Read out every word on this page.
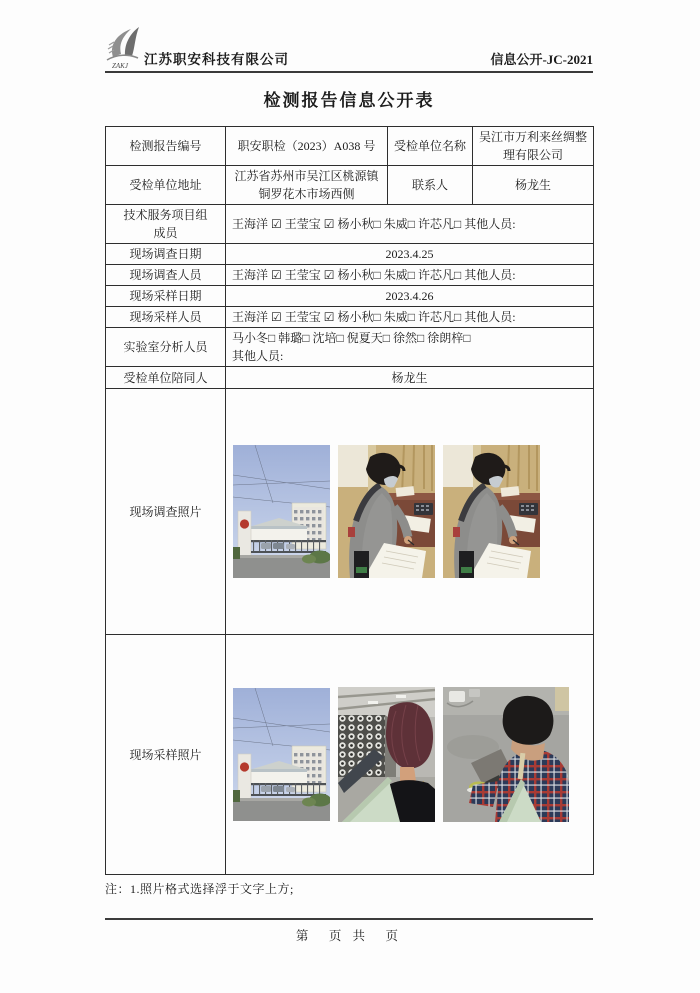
ZAKJ 江苏职安科技有限公司	信息公开-JC-2021
检测报告信息公开表
检测报告编号	职安职检（2023）A038 号	受检单位名称	吴江市万利来丝绸整理有限公司
受检单位地址	江苏省苏州市吴江区桃源镇铜罗花木市场西侧	联系人	杨龙生
技术服务项目组成员	王海洋 ☑ 王莹宝 ☑ 杨小秋□ 朱威□ 许芯凡□ 其他人员:		
现场调查日期	2023.4.25		
现场调查人员	王海洋 ☑ 王莹宝 ☑ 杨小秋□ 朱威□ 许芯凡□ 其他人员:		
现场采样日期	2023.4.26		
现场采样人员	王海洋 ☑ 王莹宝 ☑ 杨小秋□ 朱威□ 许芯凡□ 其他人员:		
实验室分析人员	马小冬□ 韩璐□ 沈培□ 倪夏天□ 徐然□ 徐朗梓□
其他人员:		

受检单位陪同人	杨龙生		
现场调查照片	

现场采样照片	
注：1.照片格式选择浮于文字上方;
第　页 共　页
